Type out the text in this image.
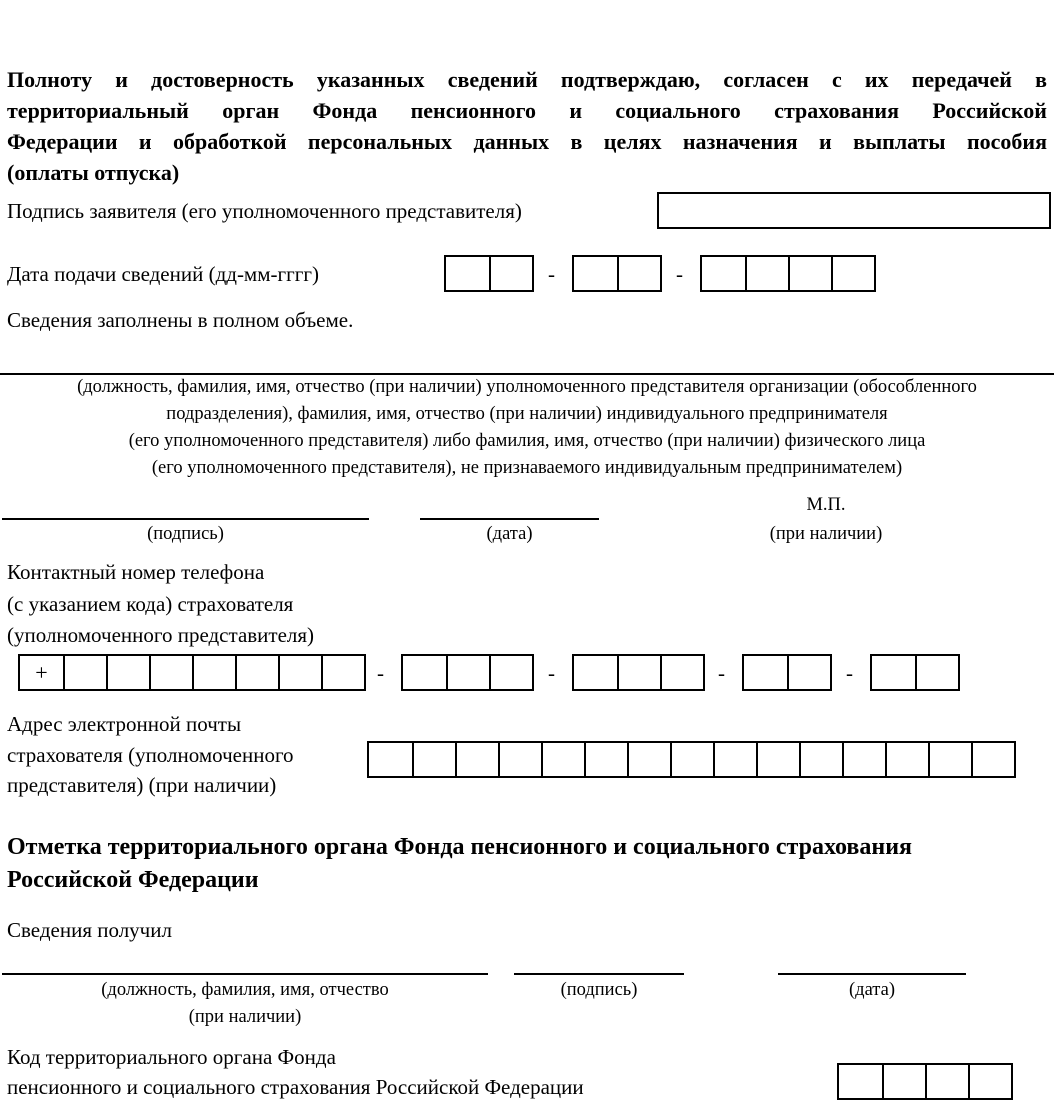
Полноту и достоверность указанных сведений подтверждаю, согласен с их передачей в

территориальный орган Фонда пенсионного и социального страхования Российской

Федерации и обработкой персональных данных в целях назначения и выплаты пособия

(оплаты отпуска)

Подпись заявителя (его уполномоченного представителя)
Дата подачи сведений (дд-мм-гггг)	-	-
Сведения заполнены в полном объеме.
(должность, фамилия, имя, отчество (при наличии) уполномоченного представителя организации (обособленного
подразделения), фамилия, имя, отчество (при наличии) индивидуального предпринимателя
(его уполномоченного представителя) либо фамилия, имя, отчество (при наличии) физического лица
(его уполномоченного представителя), не признаваемого индивидуальным предпринимателем)
(подпись)	(дата)
М.П.
(при наличии)
Контактный номер телефона
(с указанием кода) страхователя
(уполномоченного представителя)
+	-	-	-	-
Адрес электронной почты
страхователя (уполномоченного
представителя) (при наличии)
Отметка территориального органа Фонда пенсионного и социального страхования
Российской Федерации
Сведения получил
(должность, фамилия, имя, отчество
(при наличии)
(подпись)	(дата)
Код территориального органа Фонда
пенсионного и социального страхования Российской Федерации
